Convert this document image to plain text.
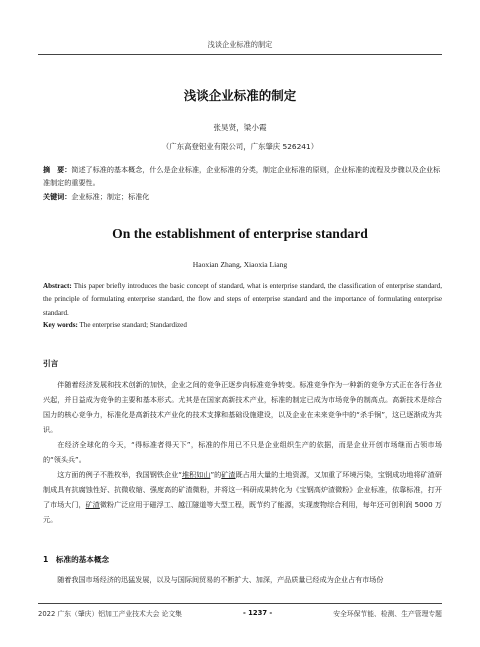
浅谈企业标准的制定
浅谈企业标准的制定
张昊贤，梁小霞
（广东高登铝业有限公司，广东肇庆 526241）
摘　要：简述了标准的基本概念，什么是企业标准，企业标准的分类，制定企业标准的原则，企业标准的流程及步骤以及企业标准制定的重要性。
关键词：企业标准；制定；标准化
On the establishment of enterprise standard
Haoxian Zhang, Xiaoxia Liang
Abstract: This paper briefly introduces the basic concept of standard, what is enterprise standard, the classification of enterprise standard, the principle of formulating enterprise standard, the flow and steps of enterprise standard and the importance of formulating enterprise standard.
Key words: The enterprise standard; Standardized
引言

伴随着经济发展和技术创新的加快，企业之间的竞争正逐步向标准竞争转变。标准竞争作为一种新的竞争方式正在各行各业兴起，并日益成为竞争的主要和基本形式。尤其是在国家高新技术产业，标准的制定已成为市场竞争的制高点。高新技术是综合国力的核心竞争力，标准化是高新技术产业化的技术支撑和基础设施建设，以及企业在未来竞争中的“杀手锏”，这已逐渐成为共识。

在经济全球化的今天，“得标准者得天下”，标准的作用已不只是企业组织生产的依据，而是企业开创市场继而占领市场的“领头兵”。

这方面的例子不胜枚举，我国钢铁企业“堆积如山”的矿渣既占用大量的土地资源，又加重了环境污染，宝钢成功地将矿渣研制成具有抗腐蚀性好、抗微收缩、强度高的矿渣微粉，并将这一科研成果转化为《宝钢高炉渣微粉》企业标准，依靠标准，打开了市场大门，矿渣微粉广泛应用于磁浮工、越江隧道等大型工程，既节约了能源，实现废物综合利用，每年还可创利润 5000 万元。

1　标准的基本概念

随着我国市场经济的迅猛发展，以及与国际间贸易的不断扩大、加深，产品质量已经成为企业占有市场份

2022 广东（肇庆）铝加工产业技术大会 论文集	- 1237 -	安全环保节能、检测、生产管理专题
